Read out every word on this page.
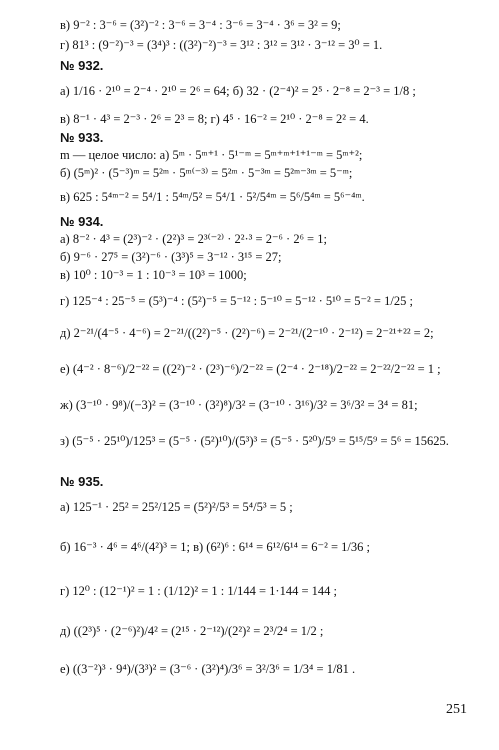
в) 9⁻² : 3⁻⁶ = (3²)⁻² : 3⁻⁶ = 3⁻⁴ : 3⁻⁶ = 3⁻⁴ · 3⁶ = 3² = 9;
г) 81³ : (9⁻²)⁻³ = (3⁴)³ : ((3²)⁻²)⁻³ = 3¹² : 3¹² = 3¹² · 3⁻¹² = 3⁰ = 1.
№ 932.
а) 1/16 · 2¹⁰ = 2⁻⁴ · 2¹⁰ = 2⁶ = 64; б) 32 · (2⁻⁴)² = 2⁵ · 2⁻⁸ = 2⁻³ = 1/8 ;
в) 8⁻¹ · 4³ = 2⁻³ · 2⁶ = 2³ = 8; г) 4⁵ · 16⁻² = 2¹⁰ · 2⁻⁸ = 2² = 4.
№ 933.
m — целое число: а) 5ᵐ · 5ᵐ⁺¹ · 5¹⁻ᵐ = 5ᵐ⁺ᵐ⁺¹⁺¹⁻ᵐ = 5ᵐ⁺²;
б) (5ᵐ)² · (5⁻³)ᵐ = 5²ᵐ · 5ᵐ⁽⁻³⁾ = 5²ᵐ · 5⁻³ᵐ = 5²ᵐ⁻³ᵐ = 5⁻ᵐ;
в) 625 : 5⁴ᵐ⁻² = 5⁴/1 : 5⁴ᵐ/5² = 5⁴/1 · 5²/5⁴ᵐ = 5⁶/5⁴ᵐ = 5⁶⁻⁴ᵐ.
№ 934.
а) 8⁻² · 4³ = (2³)⁻² · (2²)³ = 2³⁽⁻²⁾ · 2²·³ = 2⁻⁶ · 2⁶ = 1;
б) 9⁻⁶ · 27⁵ = (3²)⁻⁶ · (3³)⁵ = 3⁻¹² · 3¹⁵ = 27;
в) 10⁰ : 10⁻³ = 1 : 10⁻³ = 10³ = 1000;
г) 125⁻⁴ : 25⁻⁵ = (5³)⁻⁴ : (5²)⁻⁵ = 5⁻¹² : 5⁻¹⁰ = 5⁻¹² · 5¹⁰ = 5⁻² = 1/25 ;
д) 2⁻²¹/(4⁻⁵ · 4⁻⁶) = 2⁻²¹/((2²)⁻⁵ · (2²)⁻⁶) = 2⁻²¹/(2⁻¹⁰ · 2⁻¹²) = 2⁻²¹⁺²² = 2;
е) (4⁻² · 8⁻⁶)/2⁻²² = ((2²)⁻² · (2³)⁻⁶)/2⁻²² = (2⁻⁴ · 2⁻¹⁸)/2⁻²² = 2⁻²²/2⁻²² = 1 ;
ж) (3⁻¹⁰ · 9⁸)/(−3)² = (3⁻¹⁰ · (3²)⁸)/3² = (3⁻¹⁰ · 3¹⁶)/3² = 3⁶/3² = 3⁴ = 81;
з) (5⁻⁵ · 25¹⁰)/125³ = (5⁻⁵ · (5²)¹⁰)/(5³)³ = (5⁻⁵ · 5²⁰)/5⁹ = 5¹⁵/5⁹ = 5⁶ = 15625.
№ 935.
а) 125⁻¹ · 25² = 25²/125 = (5²)²/5³ = 5⁴/5³ = 5 ;
б) 16⁻³ · 4⁶ = 4⁶/(4²)³ = 1; в) (6²)⁶ : 6¹⁴ = 6¹²/6¹⁴ = 6⁻² = 1/36 ;
г) 12⁰ : (12⁻¹)² = 1 : (1/12)² = 1 : 1/144 = 1·144 = 144 ;
д) ((2³)⁵ · (2⁻⁶)²)/4² = (2¹⁵ · 2⁻¹²)/(2²)² = 2³/2⁴ = 1/2 ;
е) ((3⁻²)³ · 9⁴)/(3³)² = (3⁻⁶ · (3²)⁴)/3⁶ = 3²/3⁶ = 1/3⁴ = 1/81 .
251
